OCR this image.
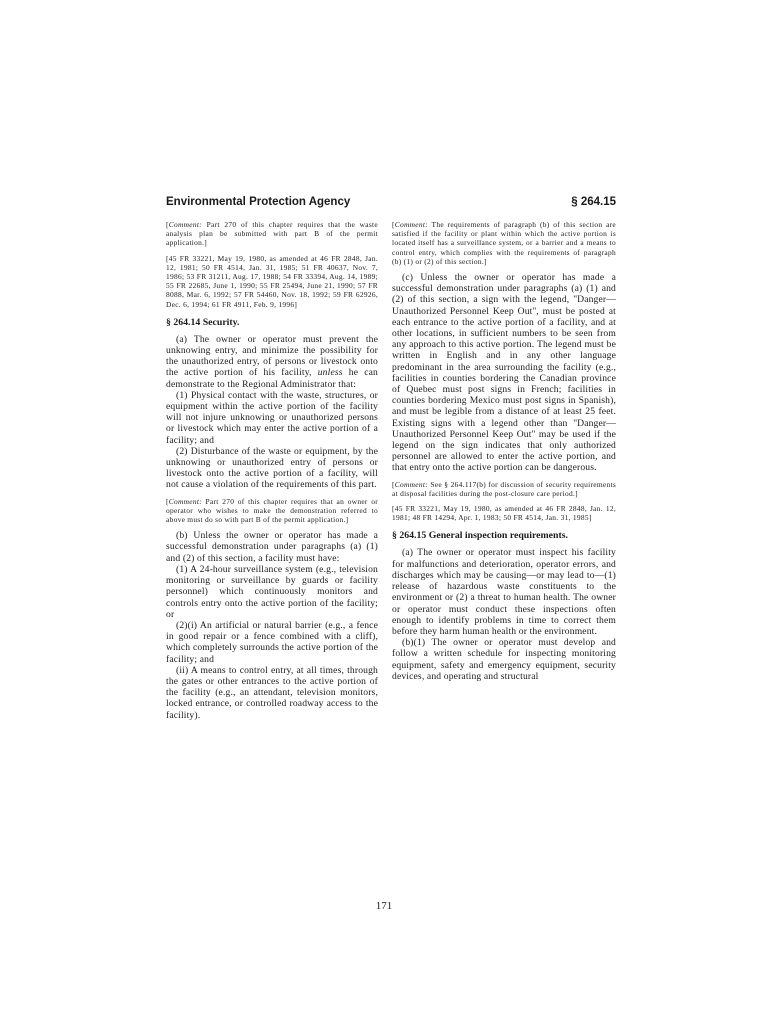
Environmental Protection Agency	§ 264.15

[Comment: Part 270 of this chapter requires that the waste analysis plan be submitted with part B of the permit application.]

[45 FR 33221, May 19, 1980, as amended at 46 FR 2848, Jan. 12, 1981; 50 FR 4514, Jan. 31, 1985; 51 FR 40637, Nov. 7, 1986; 53 FR 31211, Aug. 17, 1988; 54 FR 33394, Aug. 14, 1989; 55 FR 22685, June 1, 1990; 55 FR 25494, June 21, 1990; 57 FR 8088, Mar. 6, 1992; 57 FR 54460, Nov. 18, 1992; 59 FR 62926, Dec. 6, 1994; 61 FR 4911, Feb. 9, 1996]

§ 264.14 Security.

(a) The owner or operator must prevent the unknowing entry, and minimize the possibility for the unauthorized entry, of persons or livestock onto the active portion of his facility, unless he can demonstrate to the Regional Administrator that:

(1) Physical contact with the waste, structures, or equipment within the active portion of the facility will not injure unknowing or unauthorized persons or livestock which may enter the active portion of a facility; and

(2) Disturbance of the waste or equipment, by the unknowing or unauthorized entry of persons or livestock onto the active portion of a facility, will not cause a violation of the requirements of this part.

[Comment: Part 270 of this chapter requires that an owner or operator who wishes to make the demonstration referred to above must do so with part B of the permit application.]

(b) Unless the owner or operator has made a successful demonstration under paragraphs (a) (1) and (2) of this section, a facility must have:

(1) A 24-hour surveillance system (e.g., television monitoring or surveillance by guards or facility personnel) which continuously monitors and controls entry onto the active portion of the facility; or

(2)(i) An artificial or natural barrier (e.g., a fence in good repair or a fence combined with a cliff), which completely surrounds the active portion of the facility; and

(ii) A means to control entry, at all times, through the gates or other entrances to the active portion of the facility (e.g., an attendant, television monitors, locked entrance, or controlled roadway access to the facility).

[Comment: The requirements of paragraph (b) of this section are satisfied if the facility or plant within which the active portion is located itself has a surveillance system, or a barrier and a means to control entry, which complies with the requirements of paragraph (b) (1) or (2) of this section.]

(c) Unless the owner or operator has made a successful demonstration under paragraphs (a) (1) and (2) of this section, a sign with the legend, ''Danger—Unauthorized Personnel Keep Out'', must be posted at each entrance to the active portion of a facility, and at other locations, in sufficient numbers to be seen from any approach to this active portion. The legend must be written in English and in any other language predominant in the area surrounding the facility (e.g., facilities in counties bordering the Canadian province of Quebec must post signs in French; facilities in counties bordering Mexico must post signs in Spanish), and must be legible from a distance of at least 25 feet. Existing signs with a legend other than ''Danger—Unauthorized Personnel Keep Out'' may be used if the legend on the sign indicates that only authorized personnel are allowed to enter the active portion, and that entry onto the active portion can be dangerous.

[Comment: See § 264.117(b) for discussion of security requirements at disposal facilities during the post-closure care period.]

[45 FR 33221, May 19, 1980, as amended at 46 FR 2848, Jan. 12, 1981; 48 FR 14294, Apr. 1, 1983; 50 FR 4514, Jan. 31, 1985]

§ 264.15 General inspection requirements.

(a) The owner or operator must inspect his facility for malfunctions and deterioration, operator errors, and discharges which may be causing—or may lead to—(1) release of hazardous waste constituents to the environment or (2) a threat to human health. The owner or operator must conduct these inspections often enough to identify problems in time to correct them before they harm human health or the environment.

(b)(1) The owner or operator must develop and follow a written schedule for inspecting monitoring equipment, safety and emergency equipment, security devices, and operating and structural

171
